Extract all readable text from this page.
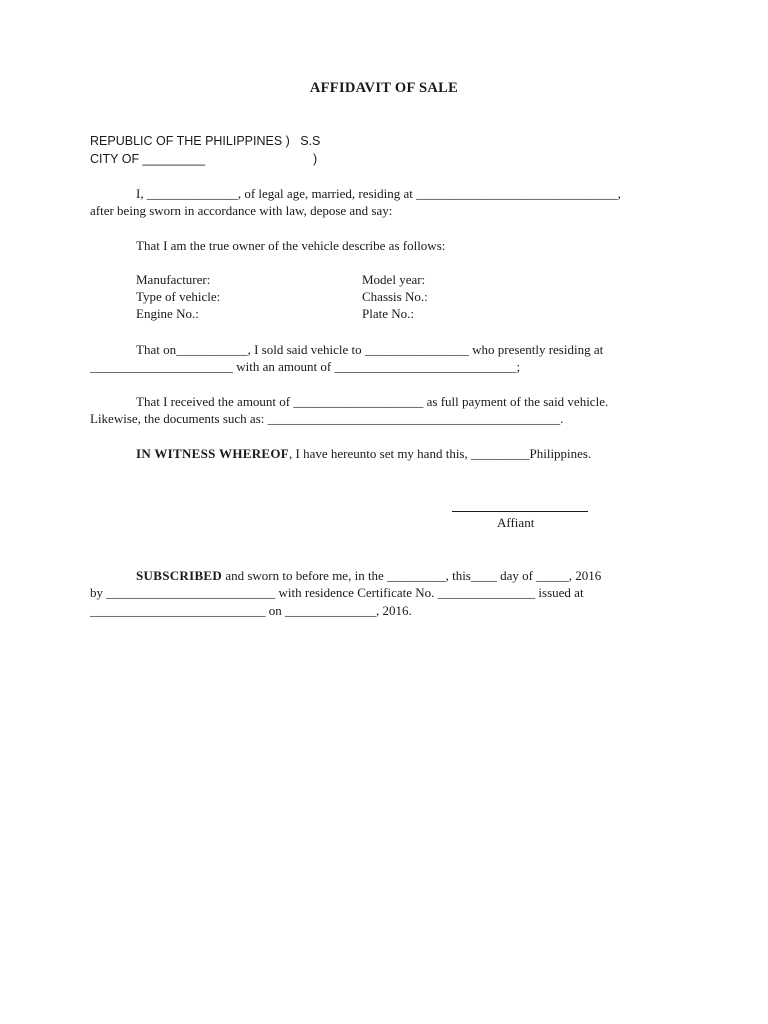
AFFIDAVIT OF SALE
REPUBLIC OF THE PHILIPPINES )   S.S
CITY OF _________	)
I, ______________, of legal age, married, residing at _______________________________,
after being sworn in accordance with law, depose and say:
That I am the true owner of the vehicle describe as follows:
Manufacturer:
Type of vehicle:
Engine No.:
Model year:
Chassis No.:
Plate No.:
That on___________, I sold said vehicle to ________________ who presently residing at
______________________ with an amount of ____________________________;
That I received the amount of ____________________ as full payment of the said vehicle.
Likewise, the documents such as: _____________________________________________.
IN WITNESS WHEREOF, I have hereunto set my hand this, _________Philippines.
Affiant
SUBSCRIBED and sworn to before me, in the _________, this____ day of _____, 2016
by __________________________ with residence Certificate No. _______________ issued at
___________________________ on ______________, 2016.
